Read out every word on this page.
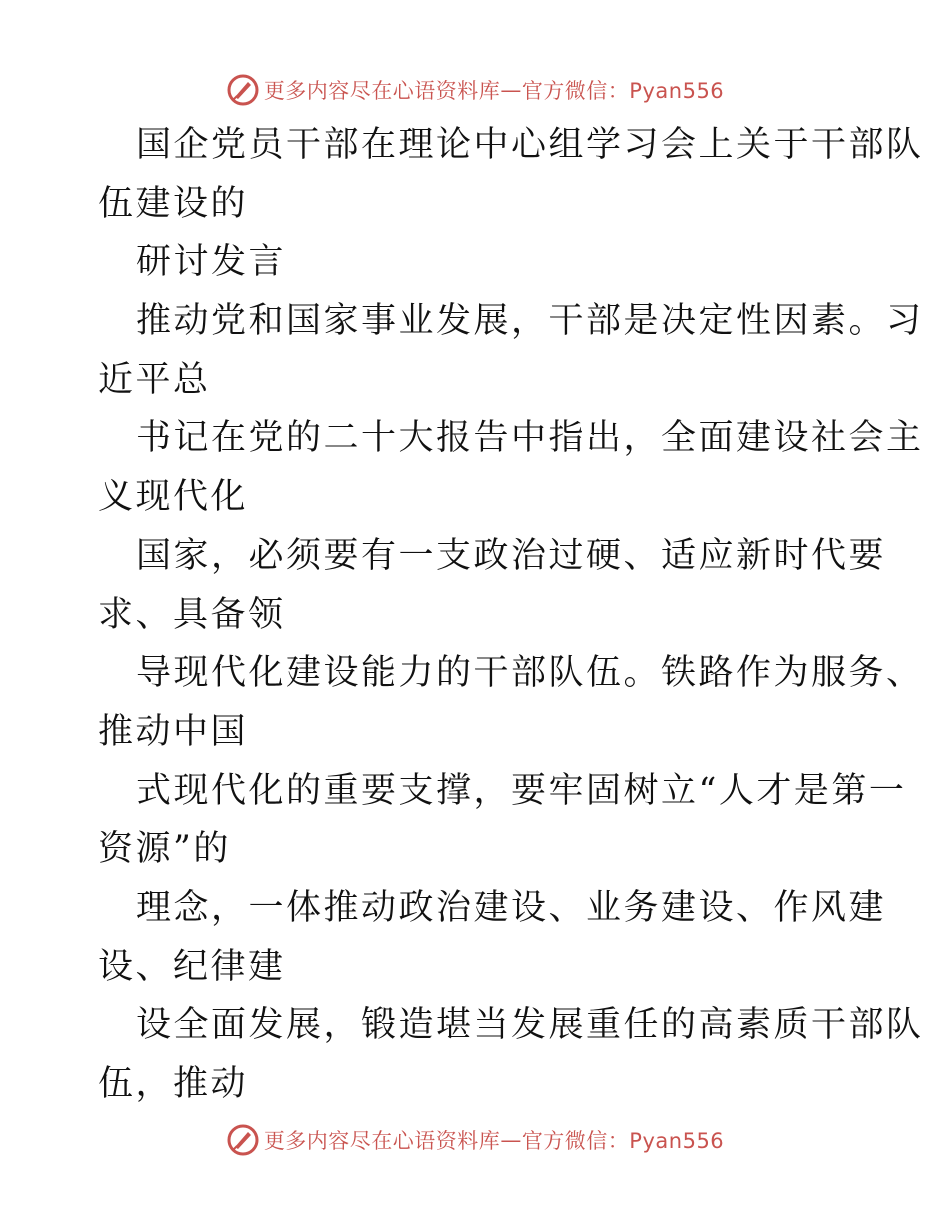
更多内容尽在心语资料库 — 官方微信：Pyan556
国企党员干部在理论中心组学习会上关于干部队
伍建设的
研讨发言
推动党和国家事业发展，干部是决定性因素。习
近平总
书记在党的二十大报告中指出，全面建设社会主
义现代化
国家，必须要有一支政治过硬、适应新时代要
求、具备领
导现代化建设能力的干部队伍。铁路作为服务、
推动中国
式现代化的重要支撑，要牢固树立“人才是第一
资源”的
理念，一体推动政治建设、业务建设、作风建
设、纪律建
设全面发展，锻造堪当发展重任的高素质干部队
伍，推动
更多内容尽在心语资料库 — 官方微信：Pyan556
